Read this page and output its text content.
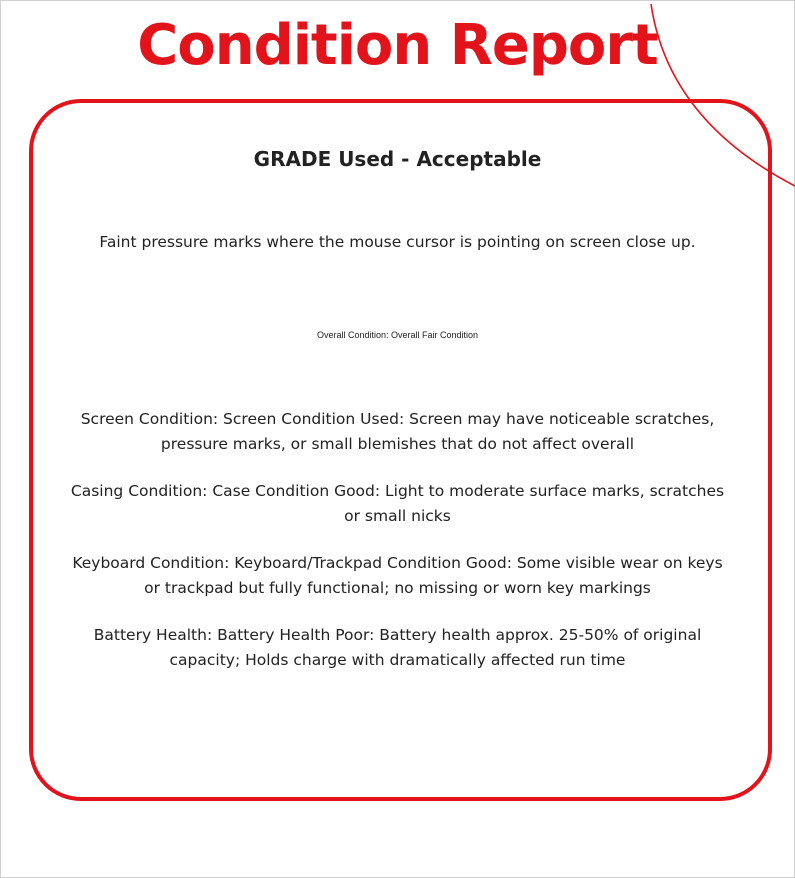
Condition Report
GRADE Used - Acceptable
Faint pressure marks where the mouse cursor is pointing on screen close up.
Overall Condition: Overall Fair Condition
Screen Condition: Screen Condition Used: Screen may have noticeable scratches, pressure marks, or small blemishes that do not affect overall
Casing Condition: Case Condition Good: Light to moderate surface marks, scratches or small nicks
Keyboard Condition: Keyboard/Trackpad Condition Good: Some visible wear on keys or trackpad but fully functional; no missing or worn key markings
Battery Health: Battery Health Poor: Battery health approx. 25-50% of original capacity; Holds charge with dramatically affected run time
